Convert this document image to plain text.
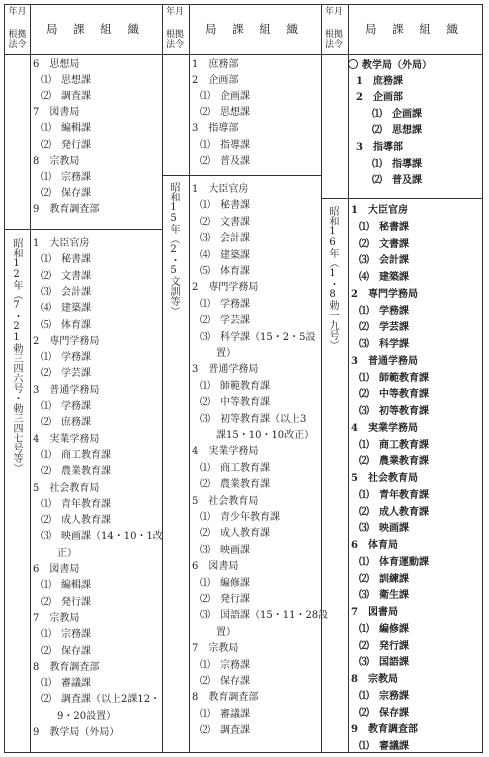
年月
根拠法令
局 課 組 織
年月
根拠法令
局 課 組 織
年月
根拠法令
局 課 組 織
昭和12年（7・21勅三四六号・勅三四七号等）	昭和15年（2・5文訓等）	昭和16年（1・8勅一九号）
6　思想局
⑴　思想課
⑵　調査課
7　図書局
⑴　編輯課
⑵　発行課
8　宗教局
⑴　宗務課
⑵　保存課
9　教育調査部
1　大臣官房
⑴　秘書課
⑵　文書課
⑶　会計課
⑷　建築課
⑸　体育課
2　専門学務局
⑴　学務課
⑵　学芸課
3　普通学務局
⑴　学務課
⑵　庶務課
4　実業学務局
⑴　商工教育課
⑵　農業教育課
5　社会教育局
⑴　青年教育課
⑵　成人教育課
⑶　映画課（14・10・1改
正）
6　図書局
⑴　編輯課
⑵　発行課
7　宗教局
⑴　宗務課
⑵　保存課
8　教育調査部
⑴　審議課
⑵　調査課（以上2課12・
9・20設置）
9　教学局（外局）
1　庶務部
2　企画部
⑴　企画課
⑵　思想課
3　指導部
⑴　指導課
⑵　普及課
1　大臣官房
⑴　秘書課
⑵　文書課
⑶　会計課
⑷　建築課
⑸　体育課
2　専門学務局
⑴　学務課
⑵　学芸課
⑶　科学課（15・2・5設
置）
3　普通学務局
⑴　師範教育課
⑵　中等教育課
⑶　初等教育課（以上3
課15・10・10改正）
4　実業学務局
⑴　商工教育課
⑵　農業教育課
5　社会教育局
⑴　青少年教育課
⑵　成人教育課
⑶　映画課
6　図書局
⑴　編修課
⑵　発行課
⑶　国語課（15・11・28設
置）
7　宗教局
⑴　宗務課
⑵　保存課
8　教育調査部
⑴　審議課
⑵　調査課
教学局（外局）
1　庶務課
2　企画部
⑴　企画課
⑵　思想課
3　指導部
⑴　指導課
⑵　普及課
1　大臣官房
⑴　秘書課
⑵　文書課
⑶　会計課
⑷　建築課
2　専門学務局
⑴　学務課
⑵　学芸課
⑶　科学課
3　普通学務局
⑴　師範教育課
⑵　中等教育課
⑶　初等教育課
4　実業学務局
⑴　商工教育課
⑵　農業教育課
5　社会教育局
⑴　青年教育課
⑵　成人教育課
⑶　映画課
6　体育局
⑴　体育運動課
⑵　訓練課
⑶　衛生課
7　図書局
⑴　編修課
⑵　発行課
⑶　国語課
8　宗教局
⑴　宗務課
⑵　保存課
9　教育調査部
⑴　審議課
